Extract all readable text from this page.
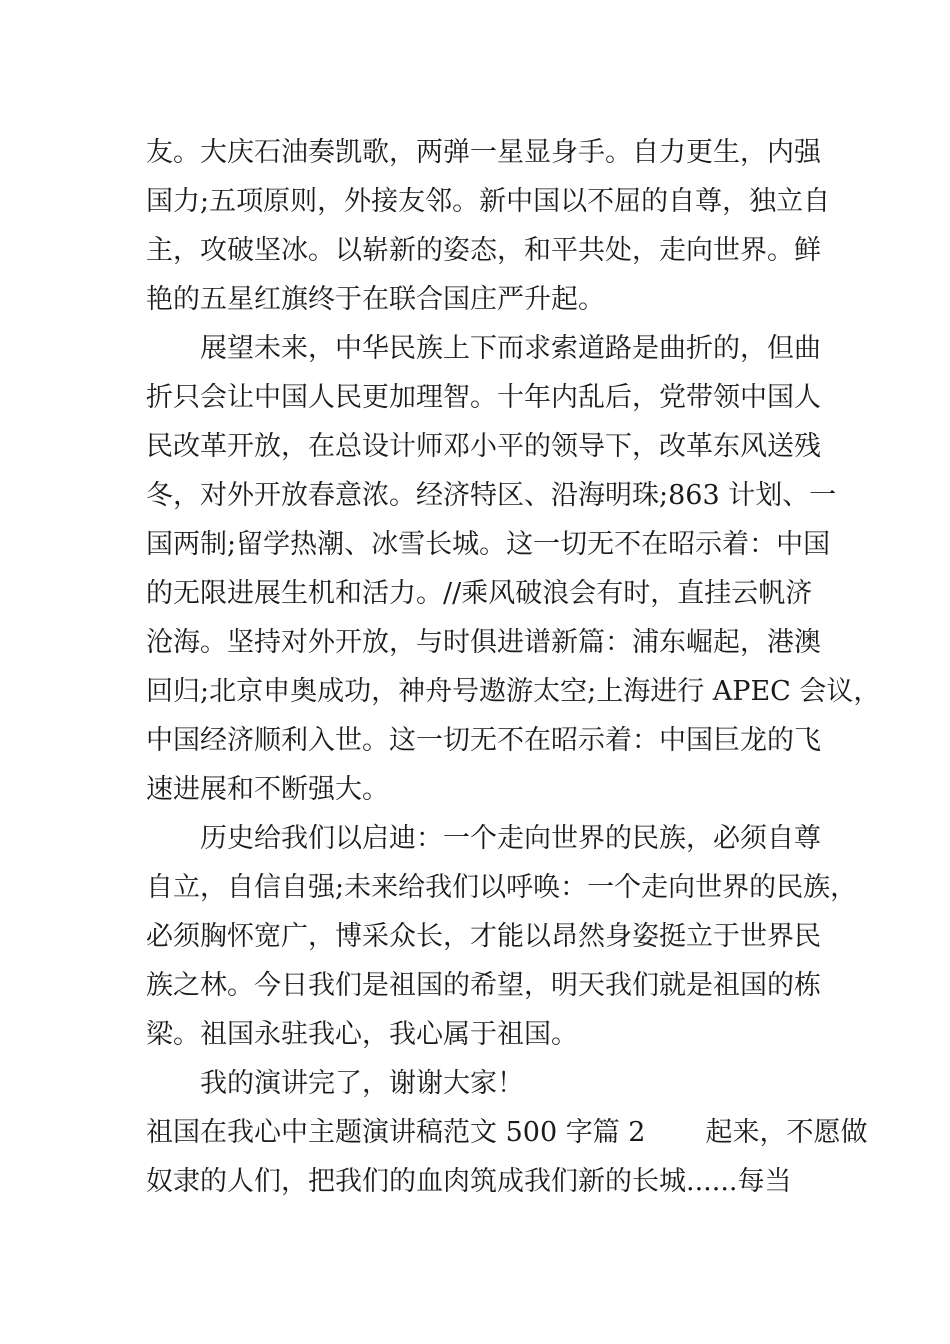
友。大庆石油奏凯歌，两弹一星显身手。自力更生，内强
国力;五项原则，外接友邻。新中国以不屈的自尊，独立自
主，攻破坚冰。以崭新的姿态，和平共处，走向世界。鲜
艳的五星红旗终于在联合国庄严升起。
展望未来，中华民族上下而求索道路是曲折的，但曲
折只会让中国人民更加理智。十年内乱后，党带领中国人
民改革开放，在总设计师邓小平的领导下，改革东风送残
冬，对外开放春意浓。经济特区、沿海明珠;863 计划、一
国两制;留学热潮、冰雪长城。这一切无不在昭示着：中国
的无限进展生机和活力。//乘风破浪会有时，直挂云帆济
沧海。坚持对外开放，与时俱进谱新篇：浦东崛起，港澳
回归;北京申奥成功，神舟号遨游太空;上海进行 APEC 会议，
中国经济顺利入世。这一切无不在昭示着：中国巨龙的飞
速进展和不断强大。
历史给我们以启迪：一个走向世界的民族，必须自尊
自立，自信自强;未来给我们以呼唤：一个走向世界的民族，
必须胸怀宽广，博采众长，才能以昂然身姿挺立于世界民
族之林。今日我们是祖国的希望，明天我们就是祖国的栋
梁。祖国永驻我心，我心属于祖国。
我的演讲完了，谢谢大家！
祖国在我心中主题演讲稿范文 500 字篇 2       起来，不愿做
奴隶的人们，把我们的血肉筑成我们新的长城......每当
